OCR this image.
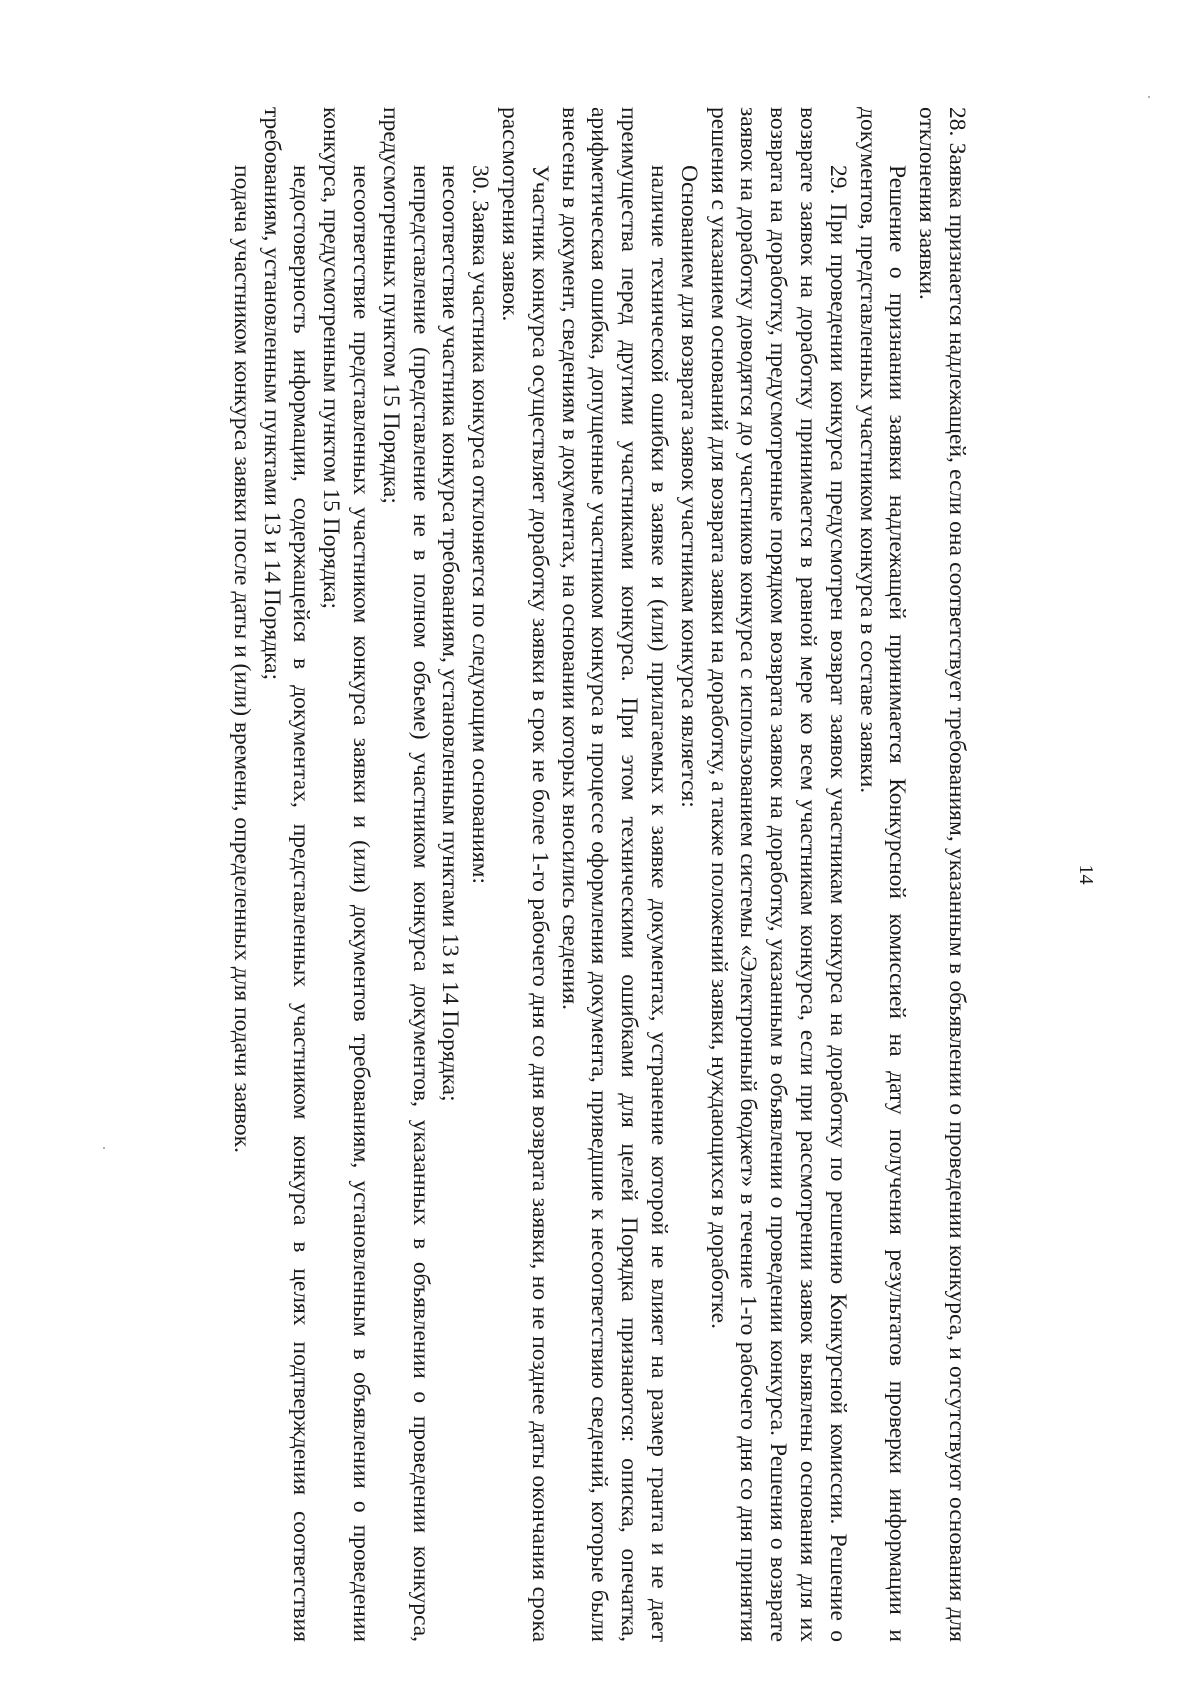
14

28. Заявка признается надлежащей, если она соответствует требованиям, указанным в объявлении о проведении конкурса, и отсутствуют основания для отклонения заявки.

Решение о признании заявки надлежащей принимается Конкурсной комиссией на дату получения результатов проверки информации и документов, представленных участником конкурса в составе заявки.

29. При проведении конкурса предусмотрен возврат заявок участникам конкурса на доработку по решению Конкурсной комиссии. Решение о возврате заявок на доработку принимается в равной мере ко всем участникам конкурса, если при рассмотрении заявок выявлены основания для их возврата на доработку, предусмотренные порядком возврата заявок на доработку, указанным в объявлении о проведении конкурса. Решения о возврате заявок на доработку доводятся до участников конкурса с использованием системы «Электронный бюджет» в течение 1-го рабочего дня со дня принятия решения с указанием оснований для возврата заявки на доработку, а также положений заявки, нуждающихся в доработке.

Основанием для возврата заявок участникам конкурса является:

наличие технической ошибки в заявке и (или) прилагаемых к заявке документах, устранение которой не влияет на размер гранта и не дает преимущества перед другими участниками конкурса. При этом техническими ошибками для целей Порядка признаются: описка, опечатка, арифметическая ошибка, допущенные участником конкурса в процессе оформления документа, приведшие к несоответствию сведений, которые были внесены в документ, сведениям в документах, на основании которых вносились сведения.

Участник конкурса осуществляет доработку заявки в срок не более 1-го рабочего дня со дня возврата заявки, но не позднее даты окончания срока рассмотрения заявок.

30. Заявка участника конкурса отклоняется по следующим основаниям:

несоответствие участника конкурса требованиям, установленным пунктами 13 и 14 Порядка;

непредставление (представление не в полном объеме) участником конкурса документов, указанных в объявлении о проведении конкурса, предусмотренных пунктом 15 Порядка;

несоответствие представленных участником конкурса заявки и (или) документов требованиям, установленным в объявлении о проведении конкурса, предусмотренным пунктом 15 Порядка;

недостоверность информации, содержащейся в документах, представленных участником конкурса в целях подтверждения соответствия требованиям, установленным пунктами 13 и 14 Порядка;

подача участником конкурса заявки после даты и (или) времени, определенных для подачи заявок.
